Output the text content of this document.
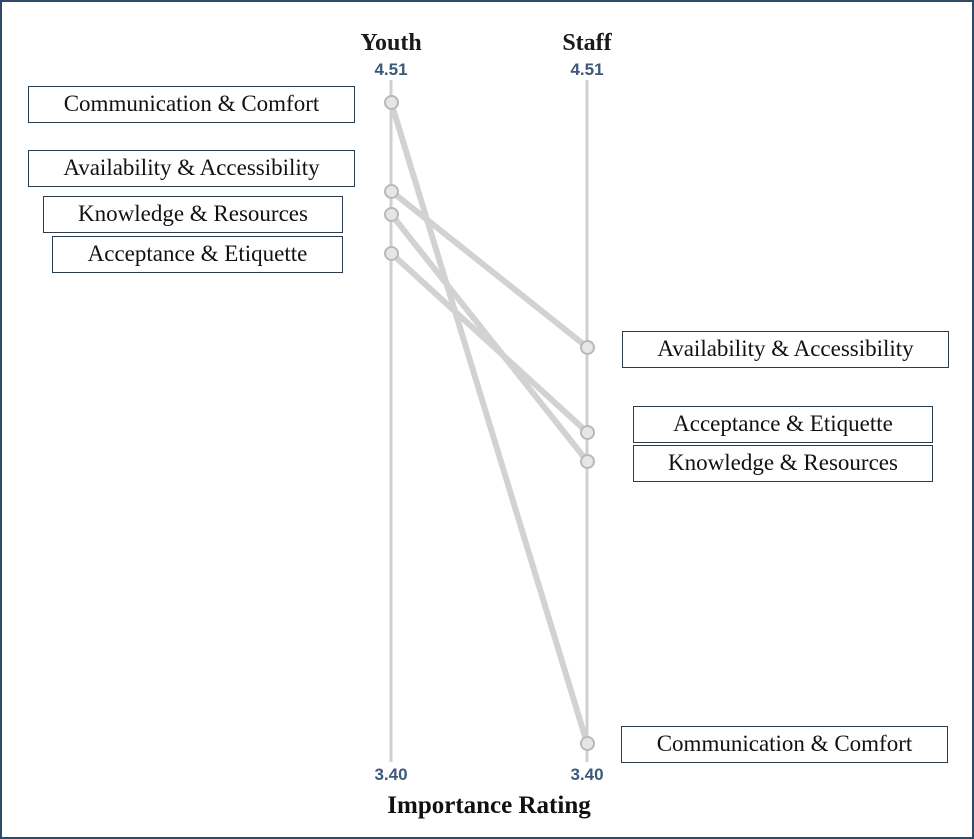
Youth	Staff
4.51	4.51
3.40	3.40
Importance Rating
Communication & Comfort
Availability & Accessibility
Knowledge & Resources
Acceptance & Etiquette
Availability & Accessibility
Acceptance & Etiquette
Knowledge & Resources
Communication & Comfort
